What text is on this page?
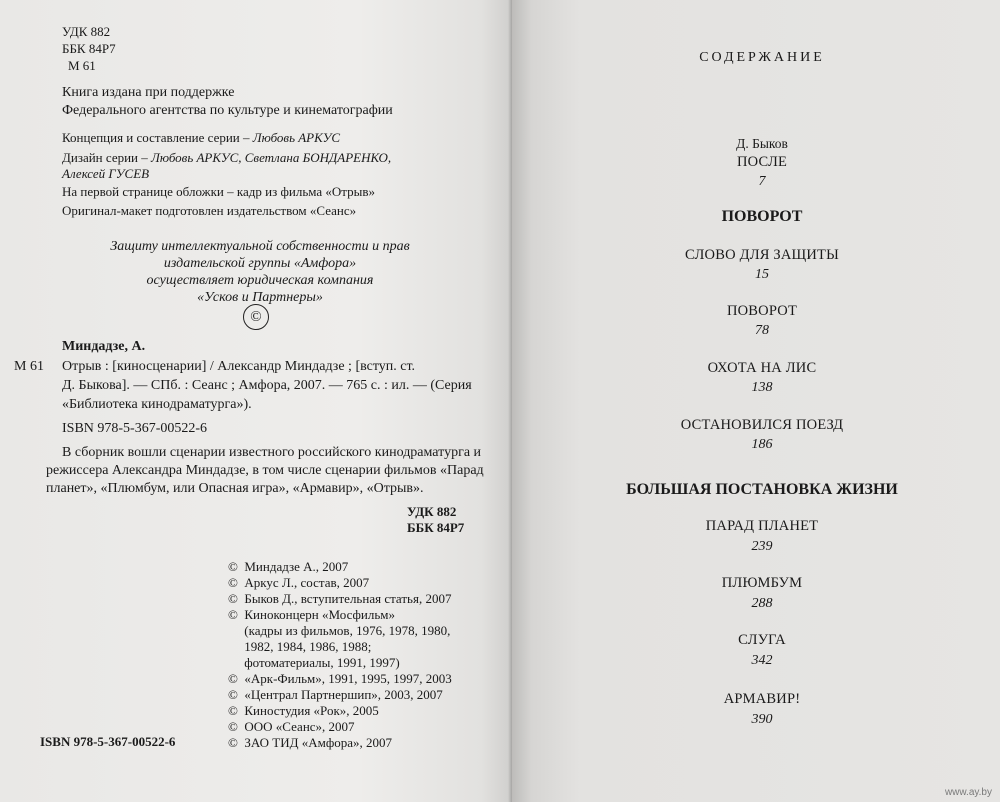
УДК 882
ББК 84Р7
М 61
Книга издана при поддержке
Федерального агентства по культуре и кинематографии
Концепция и составление серии – Любовь АРКУС
Дизайн серии – Любовь АРКУС, Светлана БОНДАРЕНКО,
Алексей ГУСЕВ
На первой странице обложки – кадр из фильма «Отрыв»
Оригинал-макет подготовлен издательством «Сеанс»
Защиту интеллектуальной собственности и прав
издательской группы «Амфора»
осуществляет юридическая компания
«Усков и Партнеры»
©
Миндадзе, А.
М 61 Отрыв : [киносценарии] / Александр Миндадзе ; [вступ. ст.
Д. Быкова]. — СПб. : Сеанс ; Амфора, 2007. — 765 с. : ил. — (Серия
«Библиотека кинодраматурга»).
ISBN 978-5-367-00522-6
В сборник вошли сценарии известного российского кинодраматурга и
режиссера Александра Миндадзе, в том числе сценарии фильмов «Парад
планет», «Плюмбум, или Опасная игра», «Армавир», «Отрыв».
УДК 882
ББК 84Р7
©  Миндадзе А., 2007
©  Аркус Л., состав, 2007
©  Быков Д., вступительная статья, 2007
©  Киноконцерн «Мосфильм»
(кадры из фильмов, 1976, 1978, 1980,
1982, 1984, 1986, 1988;
фотоматериалы, 1991, 1997)
©  «Арк-Фильм», 1991, 1995, 1997, 2003
©  «Централ Партнершип», 2003, 2007
©  Киностудия «Рок», 2005
©  ООО «Сеанс», 2007
©  ЗАО ТИД «Амфора», 2007
ISBN 978-5-367-00522-6
СОДЕРЖАНИЕ
Д. Быков
ПОСЛЕ
7
ПОВОРОТ
СЛОВО ДЛЯ ЗАЩИТЫ
15
ПОВОРОТ
78
ОХОТА НА ЛИС
138
ОСТАНОВИЛСЯ ПОЕЗД
186
БОЛЬШАЯ ПОСТАНОВКА ЖИЗНИ
ПАРАД ПЛАНЕТ
239
ПЛЮМБУМ
288
СЛУГА
342
АРМАВИР!
390
www.ay.by
